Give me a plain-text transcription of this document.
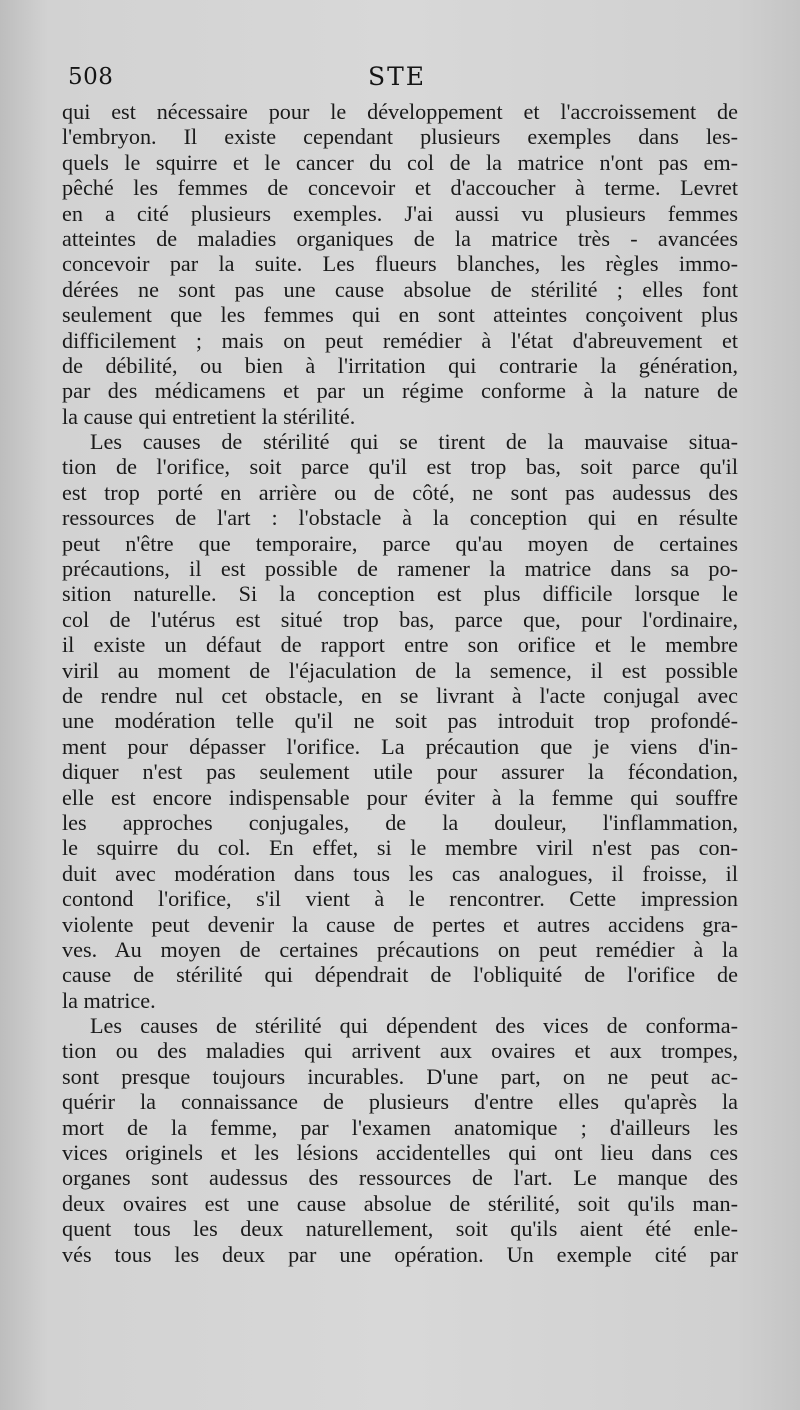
508	STE
qui est nécessaire pour le développement et l'accroissement de
l'embryon. Il existe cependant plusieurs exemples dans les-
quels le squirre et le cancer du col de la matrice n'ont pas em-
pêché les femmes de concevoir et d'accoucher à terme. Levret
en a cité plusieurs exemples. J'ai aussi vu plusieurs femmes
atteintes de maladies organiques de la matrice très - avancées
concevoir par la suite. Les flueurs blanches, les règles immo-
dérées ne sont pas une cause absolue de stérilité ; elles font
seulement que les femmes qui en sont atteintes conçoivent plus
difficilement ; mais on peut remédier à l'état d'abreuvement et
de débilité, ou bien à l'irritation qui contrarie la génération,
par des médicamens et par un régime conforme à la nature de
la cause qui entretient la stérilité.
Les causes de stérilité qui se tirent de la mauvaise situa-
tion de l'orifice, soit parce qu'il est trop bas, soit parce qu'il
est trop porté en arrière ou de côté, ne sont pas audessus des
ressources de l'art : l'obstacle à la conception qui en résulte
peut n'être que temporaire, parce qu'au moyen de certaines
précautions, il est possible de ramener la matrice dans sa po-
sition naturelle. Si la conception est plus difficile lorsque le
col de l'utérus est situé trop bas, parce que, pour l'ordinaire,
il existe un défaut de rapport entre son orifice et le membre
viril au moment de l'éjaculation de la semence, il est possible
de rendre nul cet obstacle, en se livrant à l'acte conjugal avec
une modération telle qu'il ne soit pas introduit trop profondé-
ment pour dépasser l'orifice. La précaution que je viens d'in-
diquer n'est pas seulement utile pour assurer la fécondation,
elle est encore indispensable pour éviter à la femme qui souffre
les approches conjugales, de la douleur, l'inflammation,
le squirre du col. En effet, si le membre viril n'est pas con-
duit avec modération dans tous les cas analogues, il froisse, il
contond l'orifice, s'il vient à le rencontrer. Cette impression
violente peut devenir la cause de pertes et autres accidens gra-
ves. Au moyen de certaines précautions on peut remédier à la
cause de stérilité qui dépendrait de l'obliquité de l'orifice de
la matrice.
Les causes de stérilité qui dépendent des vices de conforma-
tion ou des maladies qui arrivent aux ovaires et aux trompes,
sont presque toujours incurables. D'une part, on ne peut ac-
quérir la connaissance de plusieurs d'entre elles qu'après la
mort de la femme, par l'examen anatomique ; d'ailleurs les
vices originels et les lésions accidentelles qui ont lieu dans ces
organes sont audessus des ressources de l'art. Le manque des
deux ovaires est une cause absolue de stérilité, soit qu'ils man-
quent tous les deux naturellement, soit qu'ils aient été enle-
vés tous les deux par une opération. Un exemple cité par
